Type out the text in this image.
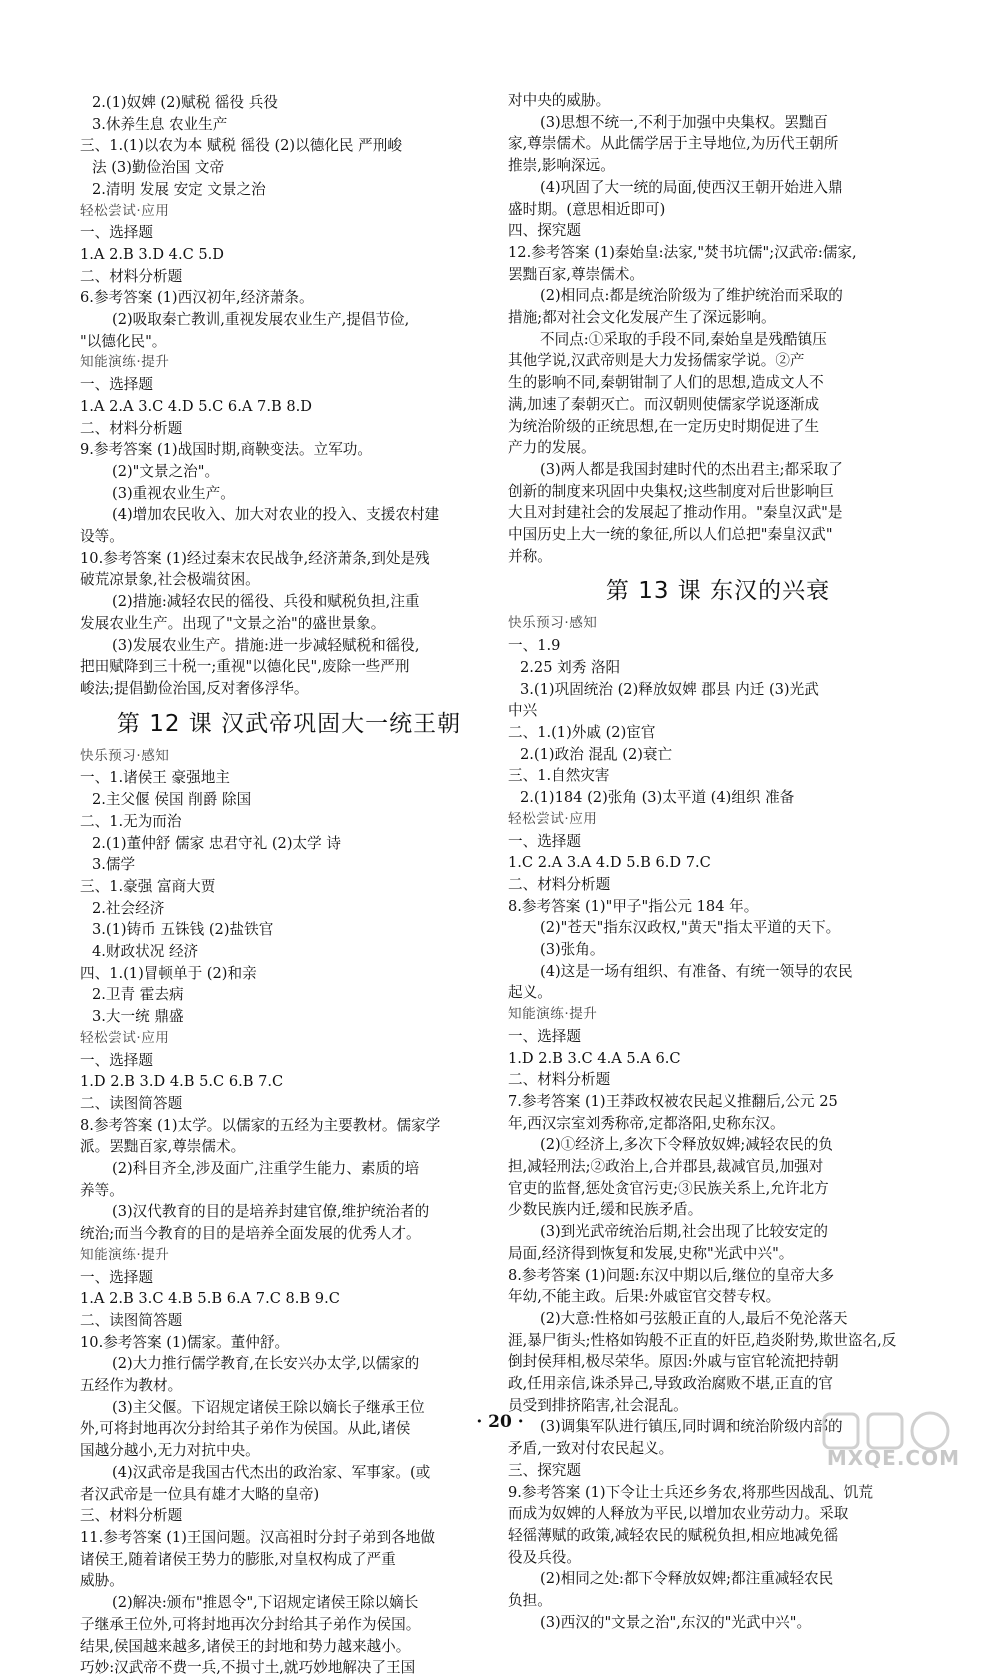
2.(1)奴婢 (2)赋税 徭役 兵役
3.休养生息 农业生产
三、1.(1)以农为本 赋税 徭役 (2)以德化民 严刑峻
法 (3)勤俭治国 文帝
2.清明 发展 安定 文景之治
轻松尝试·应用
一、选择题
1.A 2.B 3.D 4.C 5.D
二、材料分析题
6.参考答案 (1)西汉初年,经济萧条。
(2)吸取秦亡教训,重视发展农业生产,提倡节俭,
"以德化民"。
知能演练·提升
一、选择题
1.A 2.A 3.C 4.D 5.C 6.A 7.B 8.D
二、材料分析题
9.参考答案 (1)战国时期,商鞅变法。立军功。
(2)"文景之治"。
(3)重视农业生产。
(4)增加农民收入、加大对农业的投入、支援农村建
设等。
10.参考答案 (1)经过秦末农民战争,经济萧条,到处是残
破荒凉景象,社会极端贫困。
(2)措施:减轻农民的徭役、兵役和赋税负担,注重
发展农业生产。出现了"文景之治"的盛世景象。
(3)发展农业生产。措施:进一步减轻赋税和徭役,
把田赋降到三十税一;重视"以德化民",废除一些严刑
峻法;提倡勤俭治国,反对奢侈浮华。
第 12 课 汉武帝巩固大一统王朝
快乐预习·感知
一、1.诸侯王 豪强地主
2.主父偃 侯国 削爵 除国
二、1.无为而治
2.(1)董仲舒 儒家 忠君守礼 (2)太学 诗
3.儒学
三、1.豪强 富商大贾
2.社会经济
3.(1)铸币 五铢钱 (2)盐铁官
4.财政状况 经济
四、1.(1)冒顿单于 (2)和亲
2.卫青 霍去病
3.大一统 鼎盛
轻松尝试·应用
一、选择题
1.D 2.B 3.D 4.B 5.C 6.B 7.C
二、读图简答题
8.参考答案 (1)太学。以儒家的五经为主要教材。儒家学
派。罢黜百家,尊崇儒术。
(2)科目齐全,涉及面广,注重学生能力、素质的培
养等。
(3)汉代教育的目的是培养封建官僚,维护统治者的
统治;而当今教育的目的是培养全面发展的优秀人才。
知能演练·提升
一、选择题
1.A 2.B 3.C 4.B 5.B 6.A 7.C 8.B 9.C
二、读图简答题
10.参考答案 (1)儒家。董仲舒。
(2)大力推行儒学教育,在长安兴办太学,以儒家的
五经作为教材。
(3)主父偃。下诏规定诸侯王除以嫡长子继承王位
外,可将封地再次分封给其子弟作为侯国。从此,诸侯
国越分越小,无力对抗中央。
(4)汉武帝是我国古代杰出的政治家、军事家。(或
者汉武帝是一位具有雄才大略的皇帝)
三、材料分析题
11.参考答案 (1)王国问题。汉高祖时分封子弟到各地做
诸侯王,随着诸侯王势力的膨胀,对皇权构成了严重
威胁。
(2)解决:颁布"推恩令",下诏规定诸侯王除以嫡长
子继承王位外,可将封地再次分封给其子弟作为侯国。
结果,侯国越来越多,诸侯王的封地和势力越来越小。
巧妙:汉武帝不费一兵,不损寸土,就巧妙地解决了王国
对中央的威胁。
(3)思想不统一,不利于加强中央集权。罢黜百
家,尊崇儒术。从此儒学居于主导地位,为历代王朝所
推崇,影响深远。
(4)巩固了大一统的局面,使西汉王朝开始进入鼎
盛时期。(意思相近即可)
四、探究题
12.参考答案 (1)秦始皇:法家,"焚书坑儒";汉武帝:儒家,
罢黜百家,尊崇儒术。
(2)相同点:都是统治阶级为了维护统治而采取的
措施;都对社会文化发展产生了深远影响。
不同点:①采取的手段不同,秦始皇是残酷镇压
其他学说,汉武帝则是大力发扬儒家学说。②产
生的影响不同,秦朝钳制了人们的思想,造成文人不
满,加速了秦朝灭亡。而汉朝则使儒家学说逐渐成
为统治阶级的正统思想,在一定历史时期促进了生
产力的发展。
(3)两人都是我国封建时代的杰出君主;都采取了
创新的制度来巩固中央集权;这些制度对后世影响巨
大且对封建社会的发展起了推动作用。"秦皇汉武"是
中国历史上大一统的象征,所以人们总把"秦皇汉武"
并称。
第 13 课 东汉的兴衰
快乐预习·感知
一、1.9
2.25 刘秀 洛阳
3.(1)巩固统治 (2)释放奴婢 郡县 内迁 (3)光武
中兴
二、1.(1)外戚 (2)宦官
2.(1)政治 混乱 (2)衰亡
三、1.自然灾害
2.(1)184 (2)张角 (3)太平道 (4)组织 准备
轻松尝试·应用
一、选择题
1.C 2.A 3.A 4.D 5.B 6.D 7.C
二、材料分析题
8.参考答案 (1)"甲子"指公元 184 年。
(2)"苍天"指东汉政权,"黄天"指太平道的天下。
(3)张角。
(4)这是一场有组织、有准备、有统一领导的农民
起义。
知能演练·提升
一、选择题
1.D 2.B 3.C 4.A 5.A 6.C
二、材料分析题
7.参考答案 (1)王莽政权被农民起义推翻后,公元 25
年,西汉宗室刘秀称帝,定都洛阳,史称东汉。
(2)①经济上,多次下令释放奴婢;减轻农民的负
担,减轻刑法;②政治上,合并郡县,裁减官员,加强对
官吏的监督,惩处贪官污吏;③民族关系上,允许北方
少数民族内迁,缓和民族矛盾。
(3)到光武帝统治后期,社会出现了比较安定的
局面,经济得到恢复和发展,史称"光武中兴"。
8.参考答案 (1)问题:东汉中期以后,继位的皇帝大多
年幼,不能主政。后果:外戚宦官交替专权。
(2)大意:性格如弓弦般正直的人,最后不免沦落天
涯,暴尸街头;性格如钩般不正直的奸臣,趋炎附势,欺世盗名,反
倒封侯拜相,极尽荣华。原因:外戚与宦官轮流把持朝
政,任用亲信,诛杀异己,导致政治腐败不堪,正直的官
员受到排挤陷害,社会混乱。
(3)调集军队进行镇压,同时调和统治阶级内部的
矛盾,一致对付农民起义。
三、探究题
9.参考答案 (1)下令让士兵还乡务农,将那些因战乱、饥荒
而成为奴婢的人释放为平民,以增加农业劳动力。采取
轻徭薄赋的政策,减轻农民的赋税负担,相应地减免徭
役及兵役。
(2)相同之处:都下令释放奴婢;都注重减轻农民
负担。
(3)西汉的"文景之治",东汉的"光武中兴"。
· 20 ·
MXQE.COM
